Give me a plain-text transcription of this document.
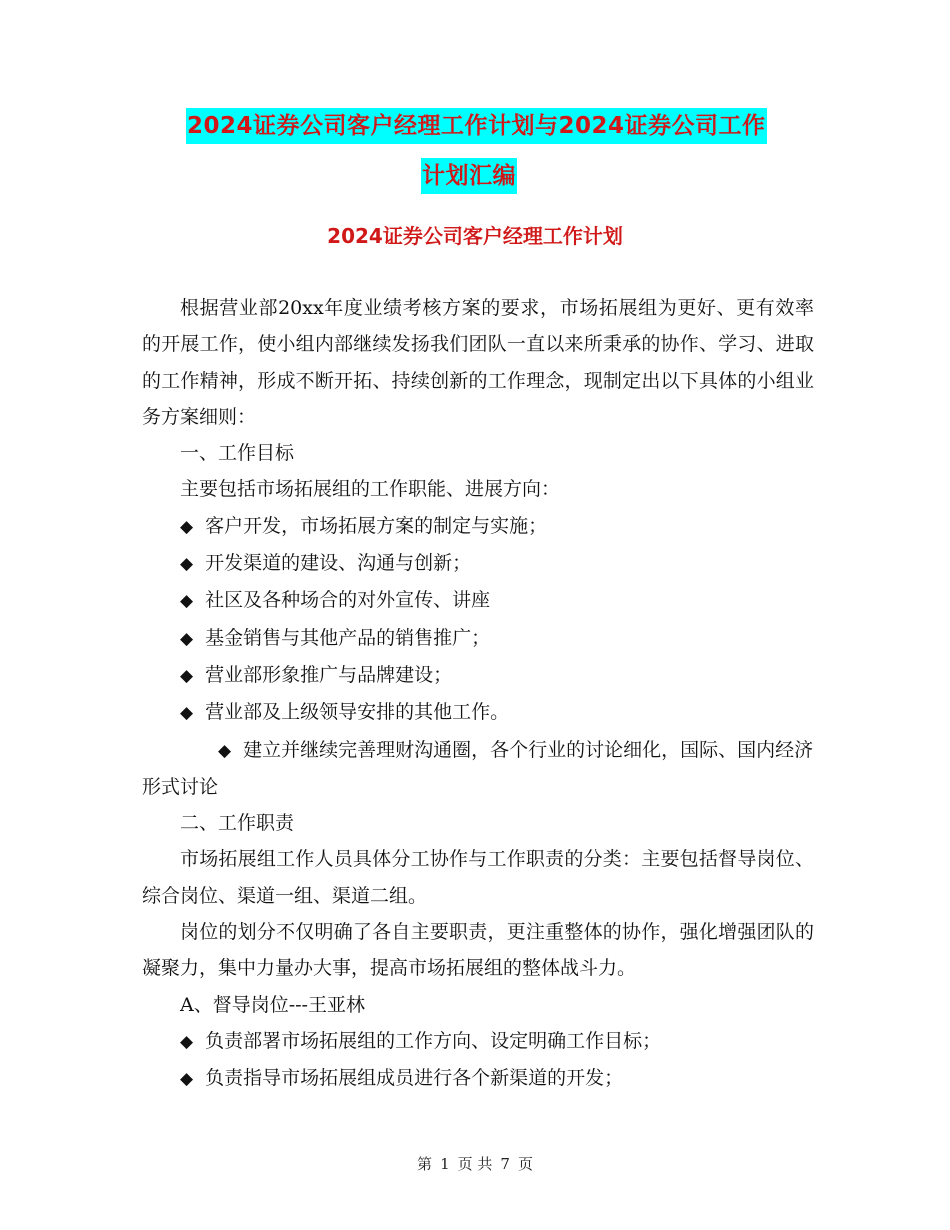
2024证券公司客户经理工作计划与2024证券公司工作
计划汇编
2024证券公司客户经理工作计划

根据营业部20xx年度业绩考核方案的要求，市场拓展组为更好、更有效率的开展工作，使小组内部继续发扬我们团队一直以来所秉承的协作、学习、进取的工作精神，形成不断开拓、持续创新的工作理念，现制定出以下具体的小组业务方案细则：

一、工作目标

主要包括市场拓展组的工作职能、进展方向：

◆ 客户开发，市场拓展方案的制定与实施；

◆ 开发渠道的建设、沟通与创新；

◆ 社区及各种场合的对外宣传、讲座

◆ 基金销售与其他产品的销售推广；

◆ 营业部形象推广与品牌建设；

◆ 营业部及上级领导安排的其他工作。

◆ 建立并继续完善理财沟通圈，各个行业的讨论细化，国际、国内经济形式讨论

二、工作职责

市场拓展组工作人员具体分工协作与工作职责的分类：主要包括督导岗位、综合岗位、渠道一组、渠道二组。

岗位的划分不仅明确了各自主要职责，更注重整体的协作，强化增强团队的凝聚力，集中力量办大事，提高市场拓展组的整体战斗力。

A、督导岗位---王亚林

◆ 负责部署市场拓展组的工作方向、设定明确工作目标；

◆ 负责指导市场拓展组成员进行各个新渠道的开发；

第 1 页 共 7 页
